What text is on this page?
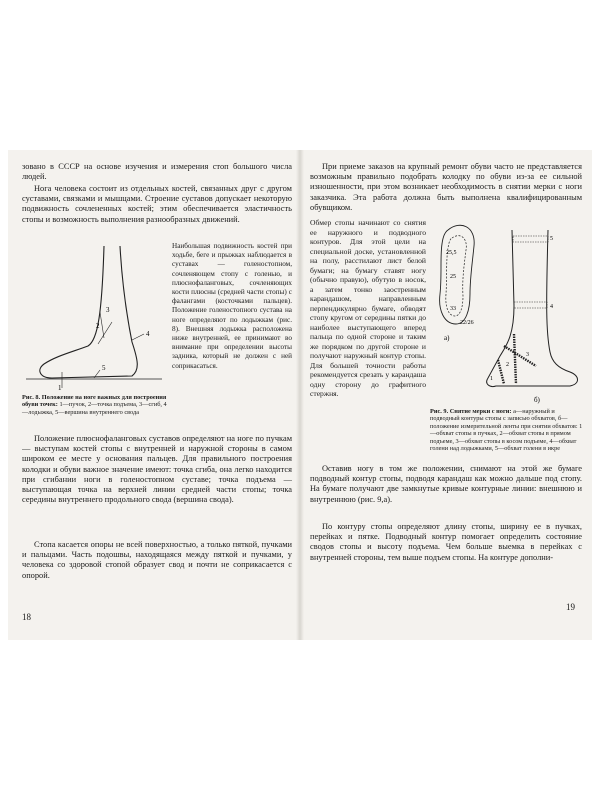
зовано в СССР на основе изучения и измерения стоп большого числа людей.

Нога человека состоит из отдельных костей, связанных друг с другом суставами, связками и мышцами. Строение суставов допускает некоторую подвижность сочлененных костей; этим обеспечивается эластичность стопы и возможность выполнения разнообразных движений.

1
2
3
4
5

Рис. 8. Положение на ноге важных для построения обуви точек: 1—пучок, 2—точка подъема, 3—сгиб, 4—лодыжка, 5—вершина внутреннего свода

Наибольшая подвижность костей при ходьбе, беге и прыжках наблюдается в суставах — голеностопном, сочленяющем стопу с голенью, и плюснофаланговых, сочленяющих кости плюсны (средней части стопы) с фалангами (косточками пальцев). Положение голеностопного сустава на ноге определяют по лодыжкам (рис. 8). Внешняя лодыжка расположена ниже внутренней, ее принимают во внимание при определении высоты задника, который не должен с ней соприкасаться.

Положение плюснофаланговых суставов определяют на ноге по пучкам — выступам костей стопы с внутренней и наружной стороны в самом широком ее месте у основания пальцев. Для правильного построения колодки и обуви важное значение имеют: точка сгиба, она легко находится при сгибании ноги в голеностопном суставе; точка подъема — выступающая точка на верхней линии средней части стопы; точка середины внутреннего продольного свода (вершина свода).

Стопа касается опоры не всей поверхностью, а только пяткой, пучками и пальцами. Часть подошвы, находящаяся между пяткой и пучками, у человека со здоровой стопой образует свод и почти не соприкасается с опорой.

18

При приеме заказов на крупный ремонт обуви часто не представляется возможным правильно подобрать колодку по обуви из-за ее сильной изношенности, при этом возникает необходимость в снятии мерки с ноги заказчика. Эта работа должна быть выполнена квалифицированным обувщиком.

Обмер стопы начинают со снятия ее наружного и подводного контуров. Для этой цели на специальной доске, установленной на полу, расстилают лист белой бумаги; на бумагу ставят ногу (обычно правую), обутую в носок, а затем тонко заостренным карандашом, направленным перпендикулярно бумаге, обводят стопу кругом от середины пятки до наиболее выступающего вперед пальца по одной стороне и таким же порядком по другой стороне и получают наружный контур стопы. Для большей точности работы рекомендуется срезать у карандаша одну сторону до графитного стержня.

25,5
25
33
22/26
а)
1
2
3
4
5
б)

Рис. 9. Снятие мерки с ноги: а—наружный и подводный контуры стопы с записью обхватов, б—положение измерительной ленты при снятии обхватов: 1—обхват стопы в пучках, 2—обхват стопы в прямом подъеме, 3—обхват стопы в косом подъеме, 4—обхват голени над лодыжками, 5—обхват голени в икре

Оставив ногу в том же положении, снимают на этой же бумаге подводный контур стопы, подводя карандаш как можно дальше под стопу. На бумаге получают две замкнутые кривые контурные линии: внешнюю и внутреннюю (рис. 9,а).

По контуру стопы определяют длину стопы, ширину ее в пучках, перейках и пятке. Подводный контур помогает определить состояние сводов стопы и высоту подъема. Чем больше выемка в перейках с внутренней стороны, тем выше подъем стопы. На контуре дополни-

19
